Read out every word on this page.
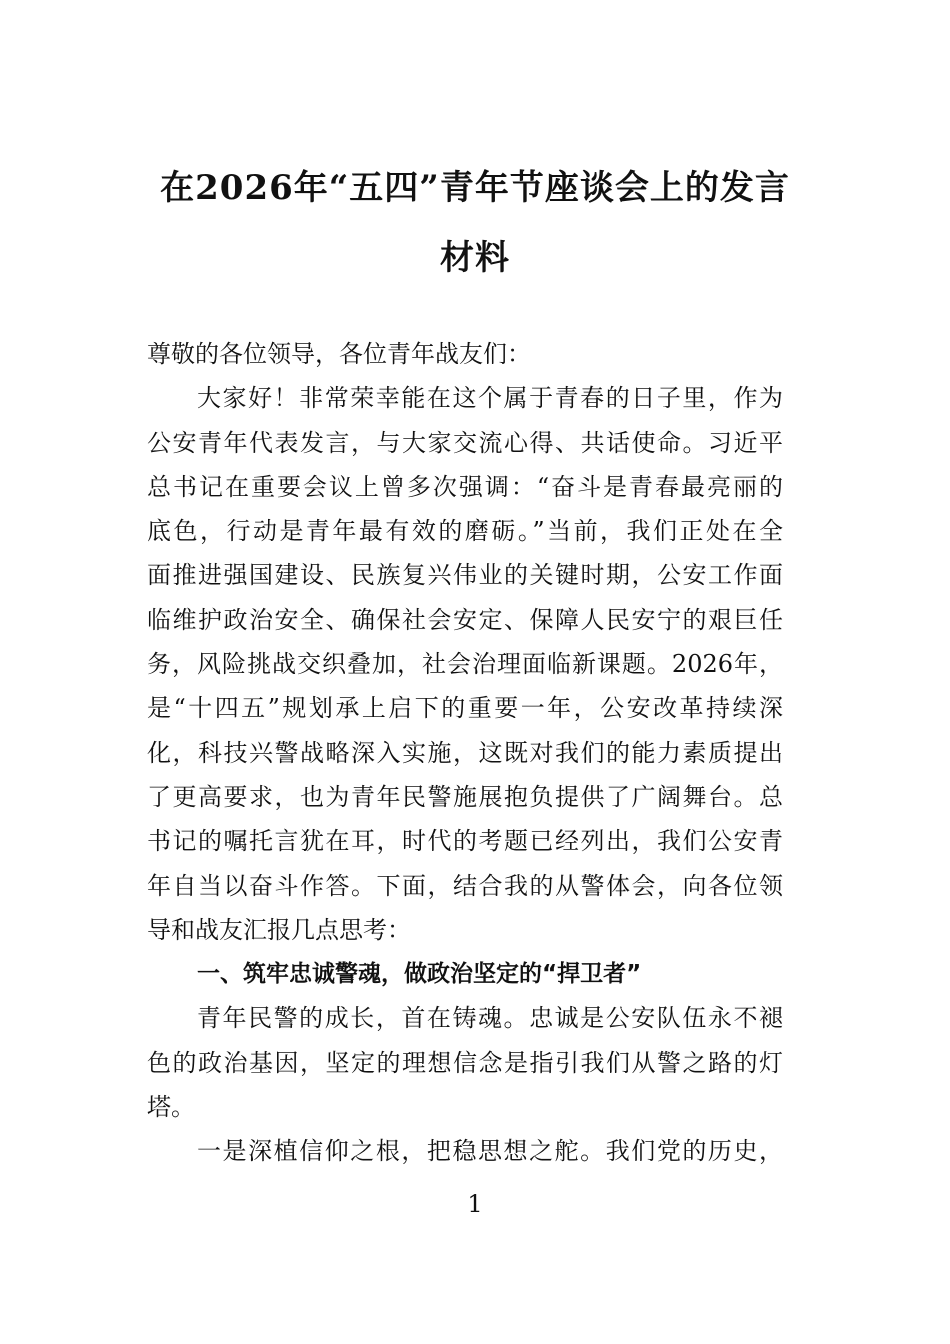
在2026年“五四”青年节座谈会上的发言
材料
尊敬的各位领导，各位青年战友们：
大家好！非常荣幸能在这个属于青春的日子里，作为
公安青年代表发言，与大家交流心得、共话使命。习近平
总书记在重要会议上曾多次强调：“奋斗是青春最亮丽的
底色，行动是青年最有效的磨砺。”当前，我们正处在全
面推进强国建设、民族复兴伟业的关键时期，公安工作面
临维护政治安全、确保社会安定、保障人民安宁的艰巨任
务，风险挑战交织叠加，社会治理面临新课题。2026年，
是“十四五”规划承上启下的重要一年，公安改革持续深
化，科技兴警战略深入实施，这既对我们的能力素质提出
了更高要求，也为青年民警施展抱负提供了广阔舞台。总
书记的嘱托言犹在耳，时代的考题已经列出，我们公安青
年自当以奋斗作答。下面，结合我的从警体会，向各位领
导和战友汇报几点思考：
一、筑牢忠诚警魂，做政治坚定的“捍卫者”
青年民警的成长，首在铸魂。忠诚是公安队伍永不褪
色的政治基因，坚定的理想信念是指引我们从警之路的灯
塔。
一是深植信仰之根，把稳思想之舵。我们党的历史，
1
